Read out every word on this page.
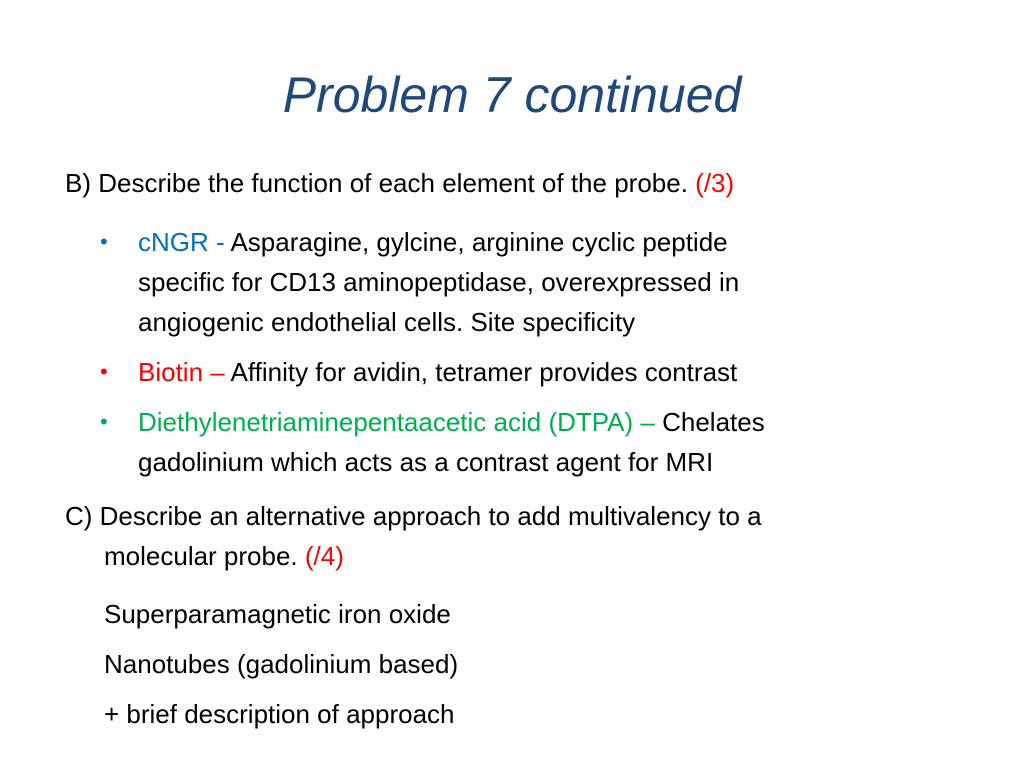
Problem 7 continued

B) Describe the function of each element of the probe. (/3)

• cNGR - Asparagine, gylcine, arginine cyclic peptide
specific for CD13 aminopeptidase, overexpressed in
angiogenic endothelial cells. Site specificity
• Biotin – Affinity for avidin, tetramer provides contrast
• Diethylenetriaminepentaacetic acid (DTPA) – Chelates
gadolinium which acts as a contrast agent for MRI

C) Describe an alternative approach to add multivalency to a
molecular probe. (/4)

Superparamagnetic iron oxide
Nanotubes (gadolinium based)
+ brief description of approach
